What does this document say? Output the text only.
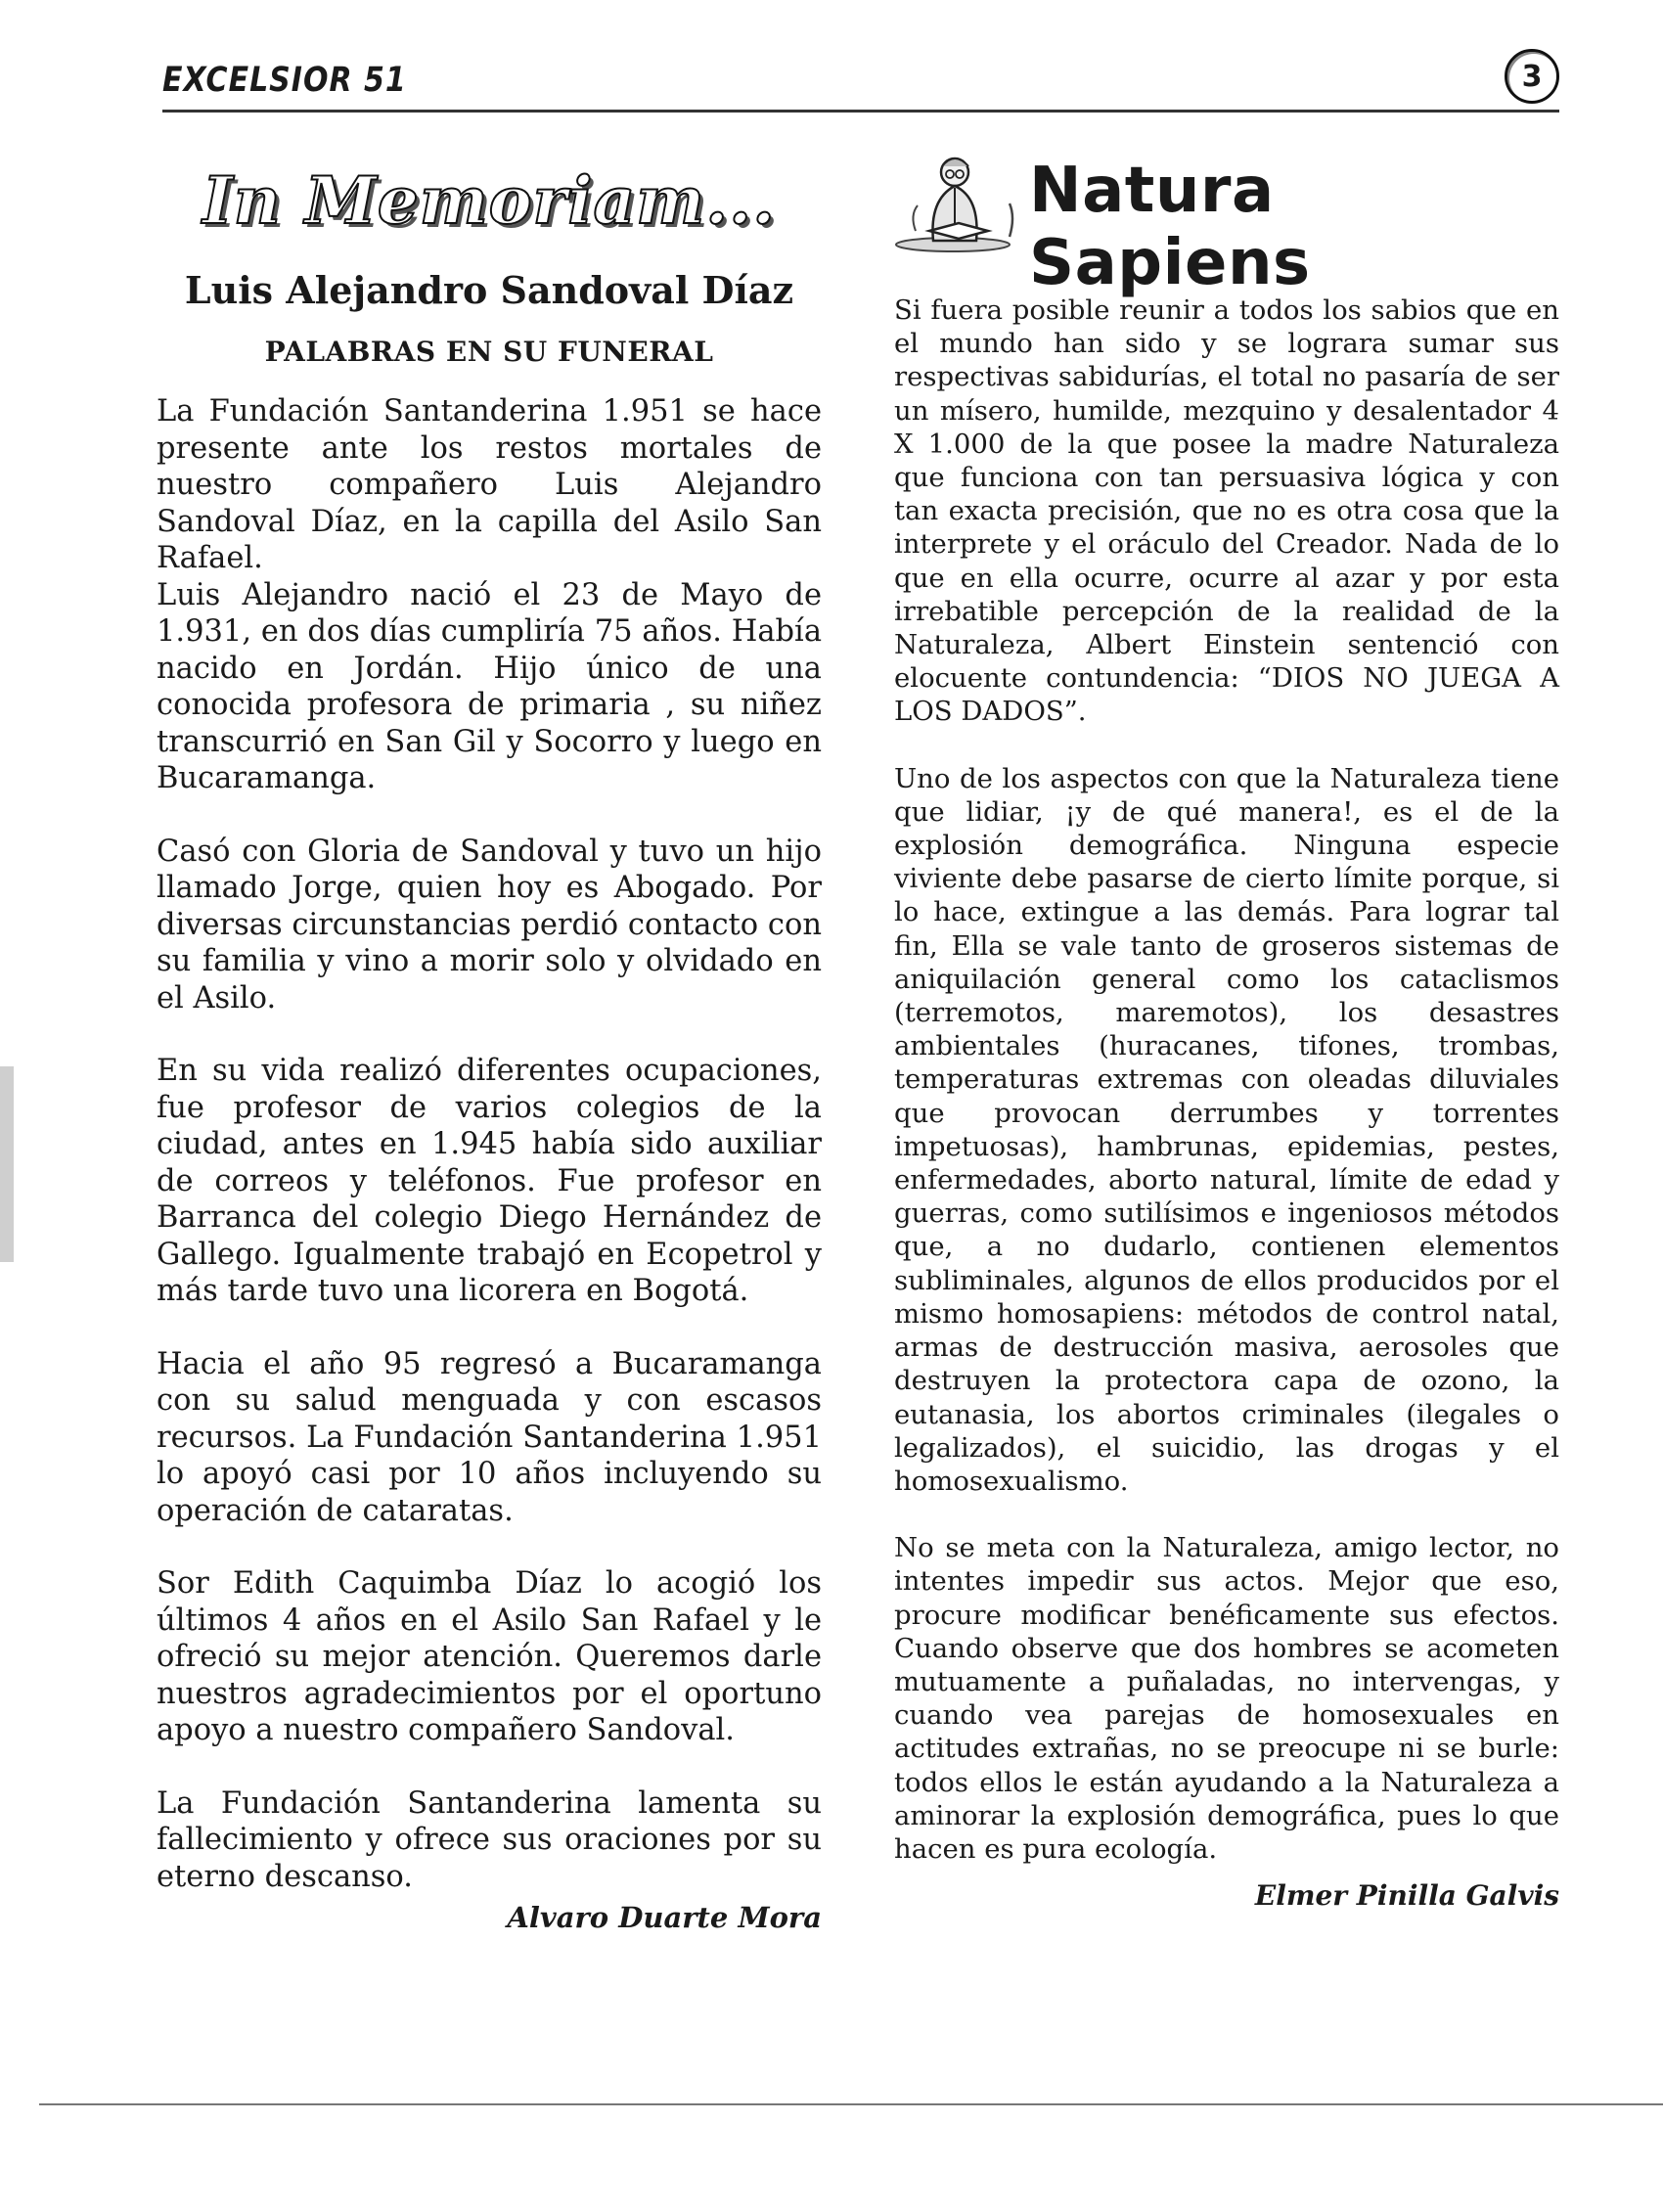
EXCELSIOR 51	3
In Memoriam...
Luis Alejandro Sandoval Díaz
PALABRAS EN SU FUNERAL

La Fundación Santanderina 1.951 se hace presente ante los restos mortales de nuestro compañero Luis Alejandro Sandoval Díaz, en la capilla del Asilo San Rafael.

Luis Alejandro nació el 23 de Mayo de 1.931, en dos días cumpliría 75 años. Había nacido en Jordán. Hijo único de una conocida profesora de primaria , su niñez transcurrió en San Gil y Socorro y luego en Bucaramanga.

Casó con Gloria de Sandoval y tuvo un hijo llamado Jorge, quien hoy es Abogado. Por diversas circunstancias perdió contacto con su familia y vino a morir solo y olvidado en el Asilo.

En su vida realizó diferentes ocupaciones, fue profesor de varios colegios de la ciudad, antes en 1.945 había sido auxiliar de correos y teléfonos. Fue profesor en Barranca del colegio Diego Hernández de Gallego. Igualmente trabajó en Ecopetrol y más tarde tuvo una licorera en Bogotá.

Hacia el año 95 regresó a Bucaramanga con su salud menguada y con escasos recursos. La Fundación Santanderina 1.951 lo apoyó casi por 10 años incluyendo su operación de cataratas.

Sor Edith Caquimba Díaz lo acogió los últimos 4 años en el Asilo San Rafael y le ofreció su mejor atención. Queremos darle nuestros agradecimientos por el oportuno apoyo a nuestro compañero Sandoval.

La Fundación Santanderina lamenta su fallecimiento y ofrece sus oraciones por su eterno descanso.

Alvaro Duarte Mora
Natura Sapiens

Si fuera posible reunir a todos los sabios que en el mundo han sido y se lograra sumar sus respectivas sabidurías, el total no pasaría de ser un mísero, humilde, mezquino y desalentador 4 X 1.000 de la que posee la madre Naturaleza que funciona con tan persuasiva lógica y con tan exacta precisión, que no es otra cosa que la interprete y el oráculo del Creador. Nada de lo que en ella ocurre, ocurre al azar y por esta irrebatible percepción de la realidad de la Naturaleza, Albert Einstein sentenció con elocuente contundencia: “DIOS NO JUEGA A LOS DADOS”.

Uno de los aspectos con que la Naturaleza tiene que lidiar, ¡y de qué manera!, es el de la explosión demográfica. Ninguna especie viviente debe pasarse de cierto límite porque, si lo hace, extingue a las demás. Para lograr tal fin, Ella se vale tanto de groseros sistemas de aniquilación general como los cataclismos (terremotos, maremotos), los desastres ambientales (huracanes, tifones, trombas, temperaturas extremas con oleadas diluviales que provocan derrumbes y torrentes impetuosas), hambrunas, epidemias, pestes, enfermedades, aborto natural, límite de edad y guerras, como sutilísimos e ingeniosos métodos que, a no dudarlo, contienen elementos subliminales, algunos de ellos producidos por el mismo homosapiens: métodos de control natal, armas de destrucción masiva, aerosoles que destruyen la protectora capa de ozono, la eutanasia, los abortos criminales (ilegales o legalizados), el suicidio, las drogas y el homosexualismo.

No se meta con la Naturaleza, amigo lector, no intentes impedir sus actos. Mejor que eso, procure modificar benéficamente sus efectos. Cuando observe que dos hombres se acometen mutuamente a puñaladas, no intervengas, y cuando vea parejas de homosexuales en actitudes extrañas, no se preocupe ni se burle: todos ellos le están ayudando a la Naturaleza a aminorar la explosión demográfica, pues lo que hacen es pura ecología.

Elmer Pinilla Galvis
